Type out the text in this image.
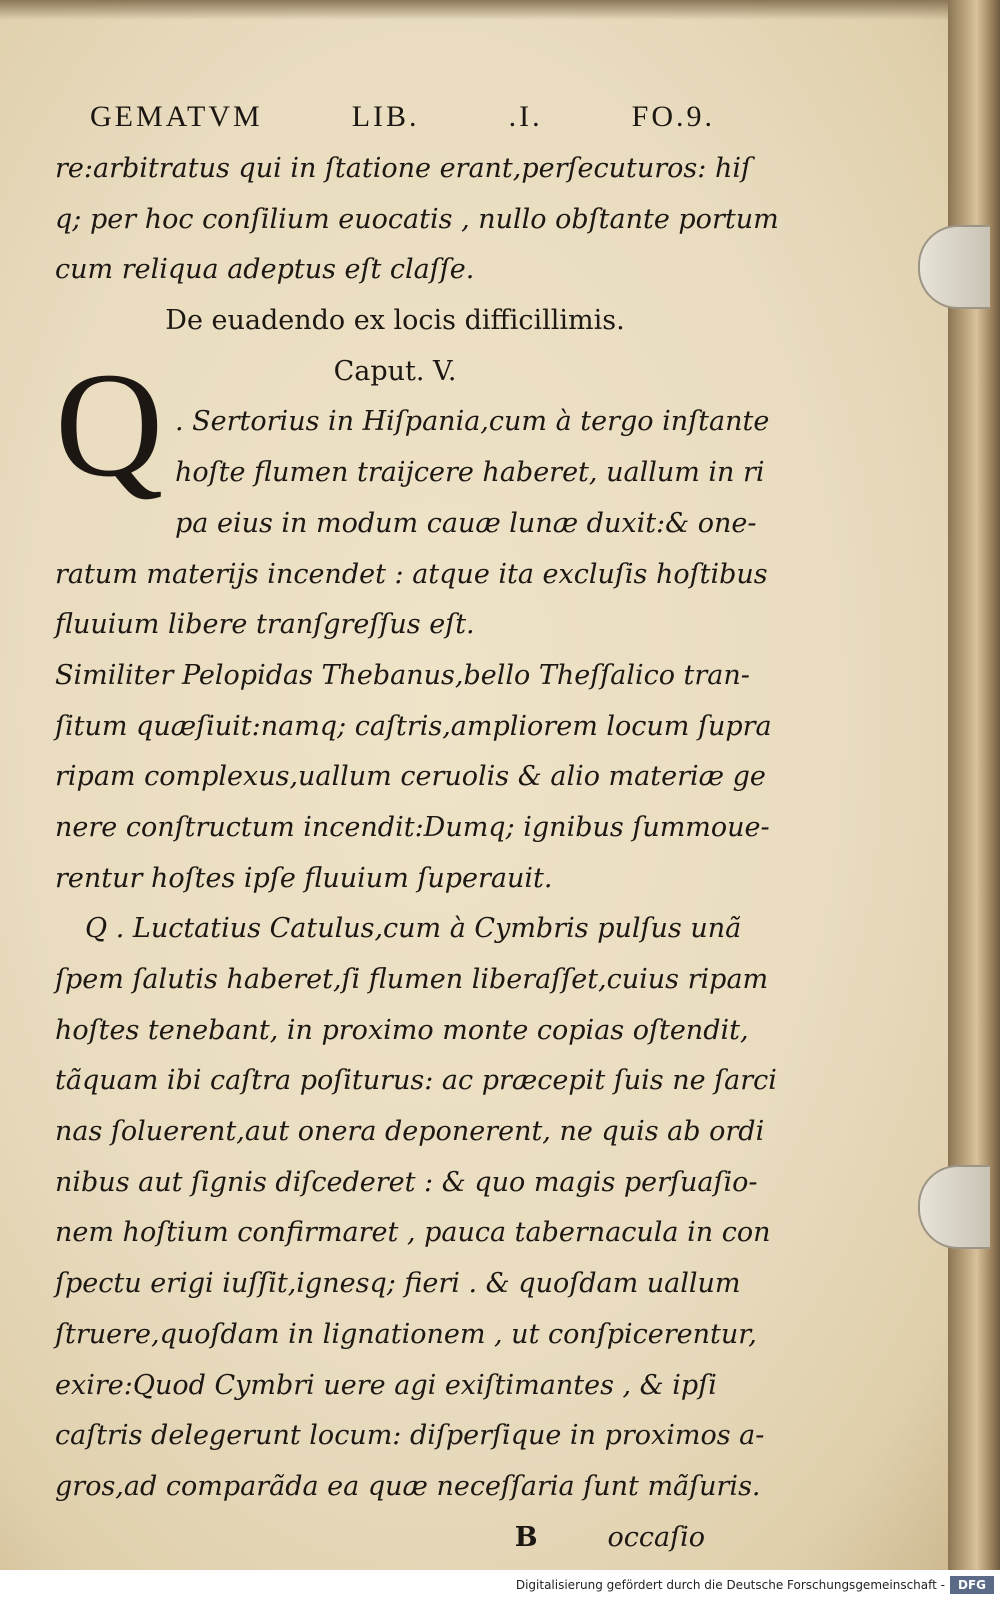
GEMATVM	LIB.	.I.	FO.9.
re:arbitratus qui in ſtatione erant,perſecuturos: hiſ
q; per hoc conſilium euocatis , nullo obſtante portum
cum reliqua adeptus eſt claſſe.
De euadendo ex locis difficillimis.
Caput. V.
Q . Sertorius in Hiſpania,cum à tergo inſtante
hoſte flumen traijcere haberet, uallum in ri
pa eius in modum cauæ lunæ duxit:& one-
ratum materijs incendet : atque ita excluſis hoſtibus
fluuium libere tranſgreſſus eſt.
Similiter Pelopidas Thebanus,bello Theſſalico tran-
ſitum quæſiuit:namq; caſtris,ampliorem locum ſupra
ripam complexus,uallum ceruolis & alio materiæ ge
nere conſtructum incendit:Dumq; ignibus ſummoue-
rentur hoſtes ipſe fluuium ſuperauit.
Q . Luctatius Catulus,cum à Cymbris pulſus unã
ſpem ſalutis haberet,ſi flumen liberaſſet,cuius ripam
hoſtes tenebant, in proximo monte copias oſtendit,
tãquam ibi caſtra poſiturus: ac præcepit ſuis ne ſarci
nas ſoluerent,aut onera deponerent, ne quis ab ordi
nibus aut ſignis diſcederet : & quo magis perſuaſio-
nem hoſtium confirmaret , pauca tabernacula in con
ſpectu erigi iuſſit,ignesq; fieri . & quoſdam uallum
ſtruere,quoſdam in lignationem , ut conſpicerentur,
exire:Quod Cymbri uere agi exiſtimantes , & ipſi
caſtris delegerunt locum: diſperſique in proximos a-
gros,ad comparãda ea quæ neceſſaria ſunt mãſuris.
B	occaſio
Digitalisierung gefördert durch die Deutsche Forschungsgemeinschaft -	DFG
